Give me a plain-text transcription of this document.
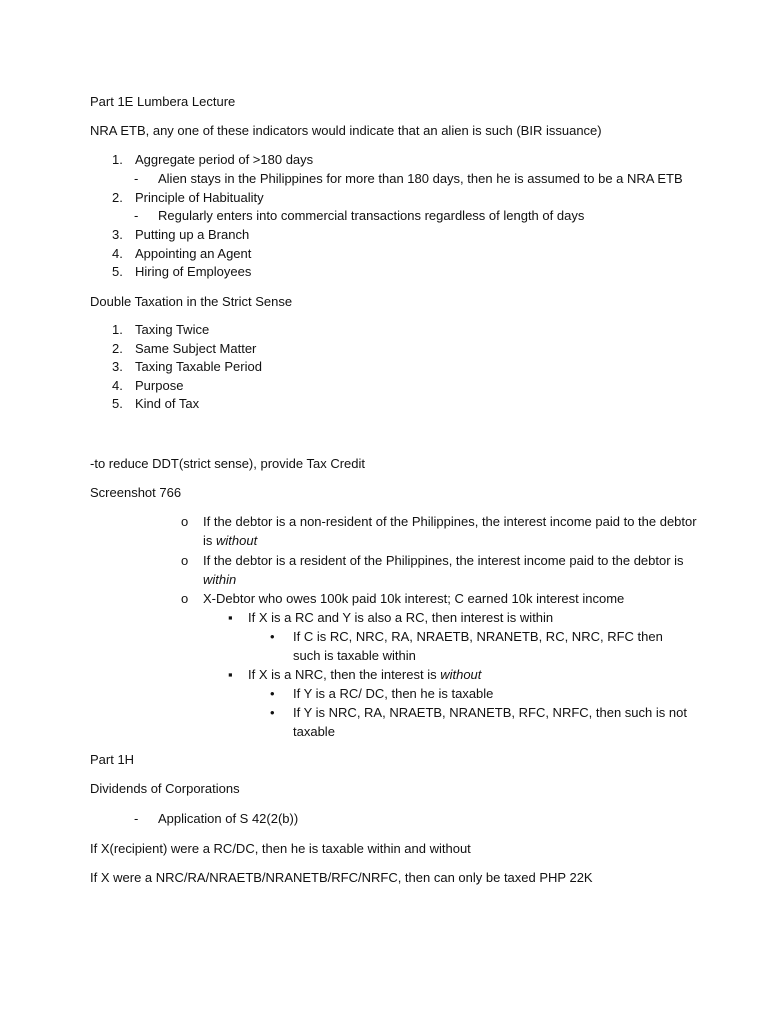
Part 1E Lumbera Lecture

NRA ETB, any one of these indicators would indicate that an alien is such (BIR issuance)

1. Aggregate period of >180 days
- Alien stays in the Philippines for more than 180 days, then he is assumed to be a NRA ETB
2. Principle of Habituality
- Regularly enters into commercial transactions regardless of length of days
3. Putting up a Branch
4. Appointing an Agent
5. Hiring of Employees

Double Taxation in the Strict Sense

1. Taxing Twice
2. Same Subject Matter
3. Taxing Taxable Period
4. Purpose
5. Kind of Tax

-to reduce DDT(strict sense), provide Tax Credit

Screenshot 766

o If the debtor is a non-resident of the Philippines, the interest income paid to the debtor is without
o If the debtor is a resident of the Philippines, the interest income paid to the debtor is within
o X-Debtor who owes 100k paid 10k interest; C earned 10k interest income
▪ If X is a RC and Y is also a RC, then interest is within
• If C is RC, NRC, RA, NRAETB, NRANETB, RC, NRC, RFC then such is taxable within
▪ If X is a NRC, then the interest is without
• If Y is a RC/ DC, then he is taxable
• If Y is NRC, RA, NRAETB, NRANETB, RFC, NRFC, then such is not taxable

Part 1H

Dividends of Corporations

- Application of S 42(2(b))

If X(recipient) were a RC/DC, then he is taxable within and without

If X were a NRC/RA/NRAETB/NRANETB/RFC/NRFC, then can only be taxed PHP 22K
